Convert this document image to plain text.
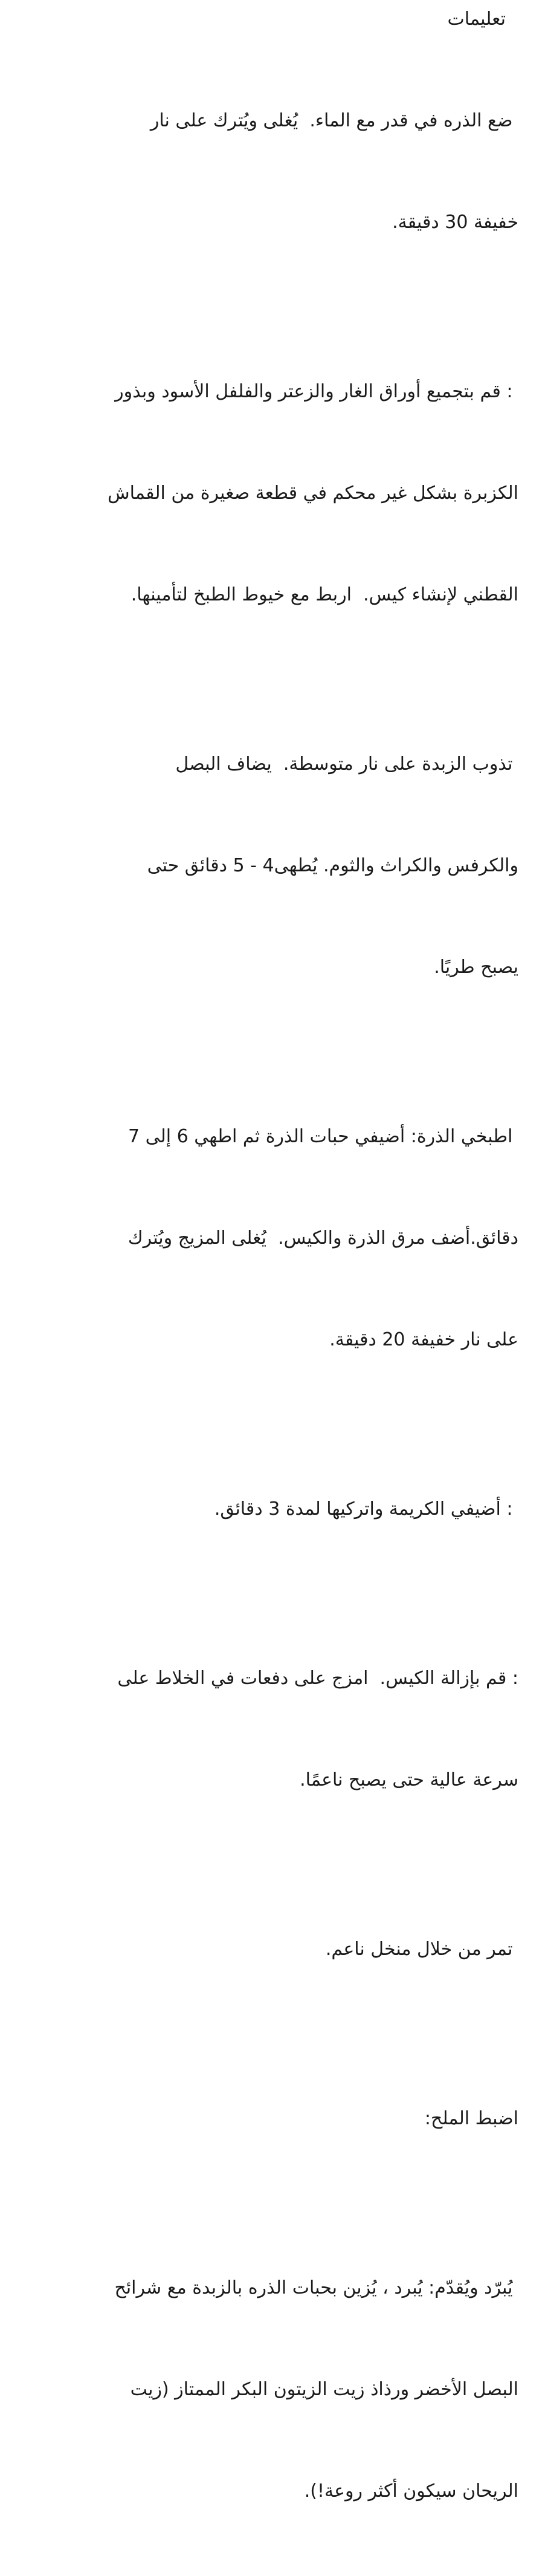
تعليمات

ضع الذره في قدر مع الماء.  يُغلى ويُترك على نار

خفيفة 30 دقيقة.

: قم بتجميع أوراق الغار والزعتر والفلفل الأسود وبذور

الكزبرة بشكل غير محكم في قطعة صغيرة من القماش

القطني لإنشاء كيس.  اربط مع خيوط الطبخ لتأمينها.

تذوب الزبدة على نار متوسطة.  يضاف البصل

والكرفس والكراث والثوم. يُطهى4 - 5 دقائق حتى

يصبح طريًا.

اطبخي الذرة: أضيفي حبات الذرة ثم اطهي 6 إلى 7

دقائق.أضف مرق الذرة والكيس.  يُغلى المزيج ويُترك

على نار خفيفة 20 دقيقة.

: أضيفي الكريمة واتركيها لمدة 3 دقائق.

: قم بإزالة الكيس.  امزج على دفعات في الخلاط على

سرعة عالية حتى يصبح ناعمًا.

تمر من خلال منخل ناعم.

اضبط الملح:

يُبرّد ويُقدّم: يُبرد ، يُزين بحبات الذره بالزبدة مع شرائح

البصل الأخضر ورذاذ زيت الزيتون البكر الممتاز (زيت

الريحان سيكون أكثر روعة!).
